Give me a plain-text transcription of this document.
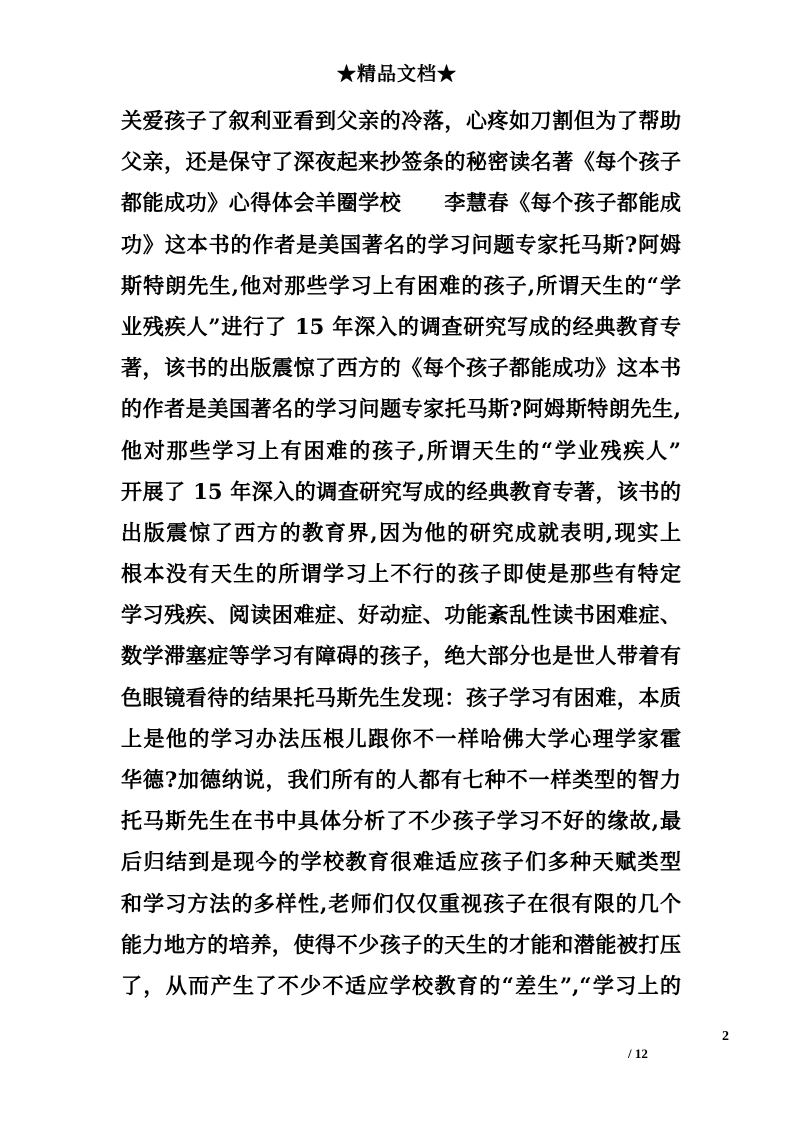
★精品文档★
关爱孩子了叙利亚看到父亲的冷落，心疼如刀割但为了帮助
父亲，还是保守了深夜起来抄签条的秘密读名著《每个孩子
都能成功》心得体会羊圈学校　　李慧春《每个孩子都能成
功》这本书的作者是美国著名的学习问题专家托马斯?阿姆
斯特朗先生,他对那些学习上有困难的孩子,所谓天生的“学
业残疾人”进行了 15 年深入的调查研究写成的经典教育专
著，该书的出版震惊了西方的《每个孩子都能成功》这本书
的作者是美国著名的学习问题专家托马斯?阿姆斯特朗先生,
他对那些学习上有困难的孩子,所谓天生的“学业残疾人”
开展了 15 年深入的调查研究写成的经典教育专著，该书的
出版震惊了西方的教育界,因为他的研究成就表明,现实上
根本没有天生的所谓学习上不行的孩子即使是那些有特定
学习残疾、阅读困难症、好动症、功能紊乱性读书困难症、
数学滞塞症等学习有障碍的孩子，绝大部分也是世人带着有
色眼镜看待的结果托马斯先生发现：孩子学习有困难，本质
上是他的学习办法压根儿跟你不一样哈佛大学心理学家霍
华德?加德纳说，我们所有的人都有七种不一样类型的智力
托马斯先生在书中具体分析了不少孩子学习不好的缘故,最
后归结到是现今的学校教育很难适应孩子们多种天赋类型
和学习方法的多样性,老师们仅仅重视孩子在很有限的几个
能力地方的培养，使得不少孩子的天生的才能和潜能被打压
了，从而产生了不少不适应学校教育的“差生”,“学习上的
2
/ 12
